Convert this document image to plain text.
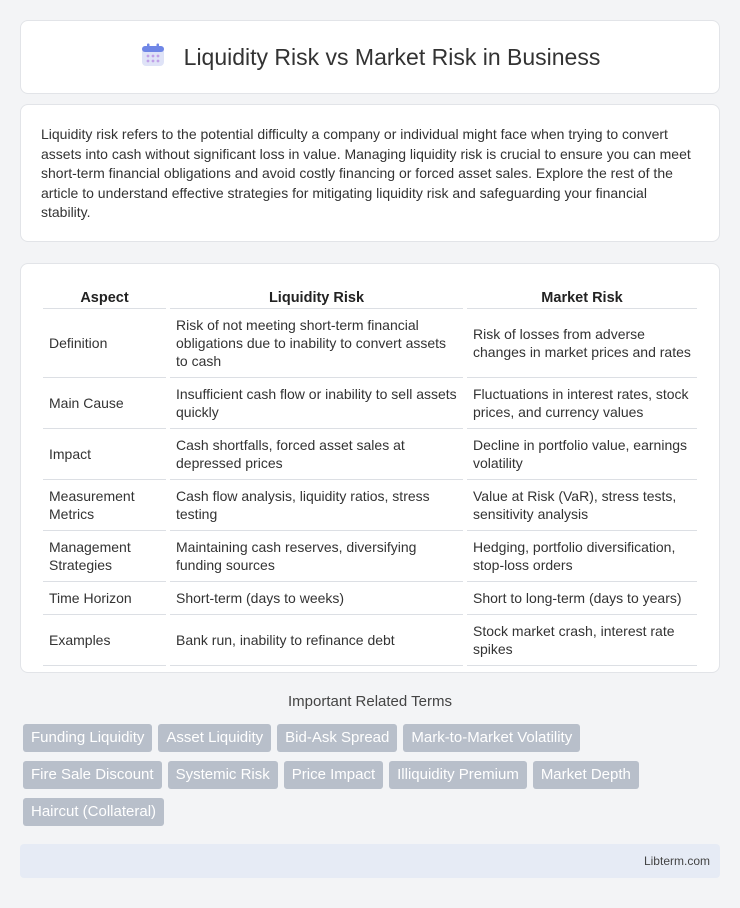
Liquidity Risk vs Market Risk in Business

Liquidity risk refers to the potential difficulty a company or individual might face when trying to convert assets into cash without significant loss in value. Managing liquidity risk is crucial to ensure you can meet short-term financial obligations and avoid costly financing or forced asset sales. Explore the rest of the article to understand effective strategies for mitigating liquidity risk and safeguarding your financial stability.

Aspect	Liquidity Risk	Market Risk
Definition	Risk of not meeting short-term financial obligations due to inability to convert assets to cash	Risk of losses from adverse changes in market prices and rates
Main Cause	Insufficient cash flow or inability to sell assets quickly	Fluctuations in interest rates, stock prices, and currency values
Impact	Cash shortfalls, forced asset sales at depressed prices	Decline in portfolio value, earnings volatility
Measurement Metrics	Cash flow analysis, liquidity ratios, stress testing	Value at Risk (VaR), stress tests, sensitivity analysis
Management Strategies	Maintaining cash reserves, diversifying funding sources	Hedging, portfolio diversification, stop-loss orders
Time Horizon	Short-term (days to weeks)	Short to long-term (days to years)
Examples	Bank run, inability to refinance debt	Stock market crash, interest rate spikes
Important Related Terms
Funding Liquidity	Asset Liquidity	Bid-Ask Spread	Mark-to-Market Volatility
Fire Sale Discount	Systemic Risk	Price Impact	Illiquidity Premium	Market Depth
Haircut (Collateral)
Libterm.com
